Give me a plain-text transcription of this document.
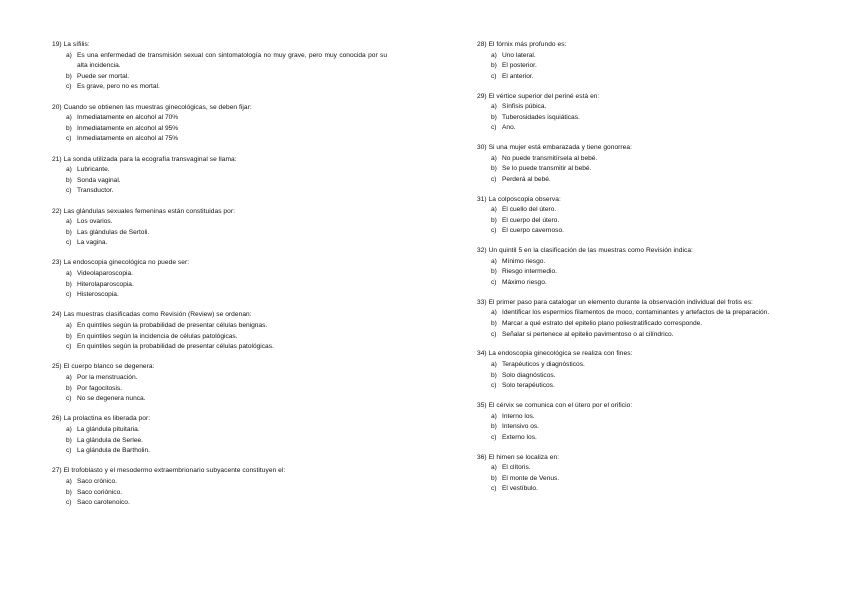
19) La sífilis:
a) Es una enfermedad de transmisión sexual con sintomatología no muy grave, pero muy conocida por su alta incidencia.
b) Puede ser mortal.
c) Es grave, pero no es mortal.
20) Cuando se obtienen las muestras ginecológicas, se deben fijar:
a) Inmediatamente en alcohol al 70%
b) Inmediatamente en alcohol al 95%
c) Inmediatamente en alcohol al 75%
21) La sonda utilizada para la ecografía transvaginal se llama:
a) Lubricante.
b) Sonda vaginal.
c) Transductor.
22) Las glándulas sexuales femeninas están constituidas por:
a) Los ovarios.
b) Las glándulas de Sertoli.
c) La vagina.
23) La endoscopia ginecológica no puede ser:
a) Videolaparoscopia.
b) Hiterolaparoscopia.
c) Histeroscopia.
24) Las muestras clasificadas como Revisión (Review) se ordenan:
a) En quintiles según la probabilidad de presentar células benignas.
b) En quintiles según la incidencia de células patológicas.
c) En quintiles según la probabilidad de presentar células patológicas.
25) El cuerpo blanco se degenera:
a) Por la menstruación.
b) Por fagocitosis.
c) No se degenera nunca.
26) La prolactina es liberada por:
a) La glándula pituitaria.
b) La glándula de Serlee.
c) La glándula de Bartholin.
27) El trofoblasto y el mesodermo extraembrionario subyacente constituyen el:
a) Saco crónico.
b) Saco coriónico.
c) Saco carotenoico.
28) El fórnix más profundo es:
a) Uno lateral.
b) El posterior.
c) El anterior.
29) El vértice superior del periné está en:
a) Sínfisis púbica.
b) Tuberosidades isquiáticas.
c) Ano.
30) Si una mujer está embarazada y tiene gonorrea:
a) No puede transmitírsela al bebé.
b) Se lo puede transmitir al bebé.
c) Perderá al bebé.
31) La colposcopia observa:
a) El cuello del útero.
b) El cuerpo del útero.
c) El cuerpo cavernoso.
32) Un quintil 5 en la clasificación de las muestras como Revisión indica:
a) Mínimo riesgo.
b) Riesgo intermedio.
c) Máximo riesgo.
33) El primer paso para catalogar un elemento durante la observación individual del frotis es:
a) Identificar los espermios filamentos de moco, contaminantes y artefactos de la preparación.
b) Marcar a qué estrato del epitelio plano poliestratificado corresponde.
c) Señalar si pertenece al epitelio pavimentoso o al cilíndrico.
34) La endoscopia ginecológica se realiza con fines:
a) Terapéuticos y diagnósticos.
b) Solo diagnósticos.
c) Solo terapéuticos.
35) El cérvix se comunica con el útero por el orificio:
a) Interno los.
b) Intensivo os.
c) Externo los.
36) El himen se localiza en:
a) El clítoris.
b) El monte de Venus.
c) El vestíbulo.
